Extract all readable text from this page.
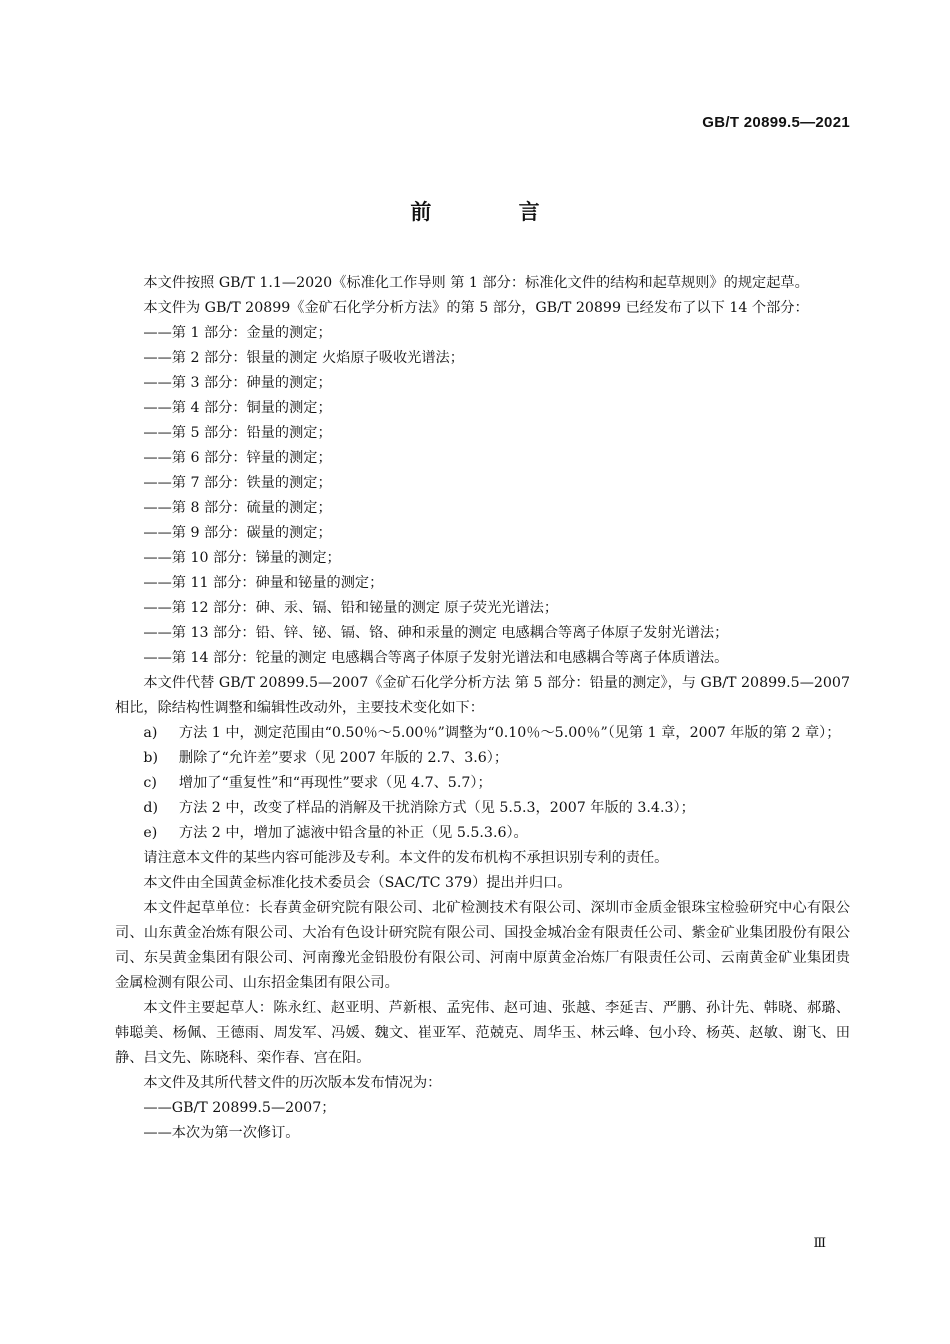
GB/T 20899.5—2021
前 言

本文件按照 GB/T 1.1—2020《标准化工作导则 第 1 部分：标准化文件的结构和起草规则》的规定起草。

本文件为 GB/T 20899《金矿石化学分析方法》的第 5 部分，GB/T 20899 已经发布了以下 14 个部分：

——第 1 部分：金量的测定；

——第 2 部分：银量的测定 火焰原子吸收光谱法；

——第 3 部分：砷量的测定；

——第 4 部分：铜量的测定；

——第 5 部分：铅量的测定；

——第 6 部分：锌量的测定；

——第 7 部分：铁量的测定；

——第 8 部分：硫量的测定；

——第 9 部分：碳量的测定；

——第 10 部分：锑量的测定；

——第 11 部分：砷量和铋量的测定；

——第 12 部分：砷、汞、镉、铅和铋量的测定 原子荧光光谱法；

——第 13 部分：铅、锌、铋、镉、铬、砷和汞量的测定 电感耦合等离子体原子发射光谱法；

——第 14 部分：铊量的测定 电感耦合等离子体原子发射光谱法和电感耦合等离子体质谱法。

本文件代替 GB/T 20899.5—2007《金矿石化学分析方法 第 5 部分：铅量的测定》，与 GB/T 20899.5—2007 相比，除结构性调整和编辑性改动外，主要技术变化如下：

a)	方法 1 中，测定范围由“0.50％～5.00％”调整为“0.10％～5.00％”（见第 1 章，2007 年版的第 2 章）；
b)	删除了“允许差”要求（见 2007 年版的 2.7、3.6）；
c)	增加了“重复性”和“再现性”要求（见 4.7、5.7）；
d)	方法 2 中，改变了样品的消解及干扰消除方式（见 5.5.3，2007 年版的 3.4.3）；
e)	方法 2 中，增加了滤液中铅含量的补正（见 5.5.3.6）。

请注意本文件的某些内容可能涉及专利。本文件的发布机构不承担识别专利的责任。

本文件由全国黄金标准化技术委员会（SAC/TC 379）提出并归口。

本文件起草单位：长春黄金研究院有限公司、北矿检测技术有限公司、深圳市金质金银珠宝检验研究中心有限公司、山东黄金冶炼有限公司、大冶有色设计研究院有限公司、国投金城冶金有限责任公司、紫金矿业集团股份有限公司、东吴黄金集团有限公司、河南豫光金铅股份有限公司、河南中原黄金冶炼厂有限责任公司、云南黄金矿业集团贵金属检测有限公司、山东招金集团有限公司。

本文件主要起草人：陈永红、赵亚明、芦新根、孟宪伟、赵可迪、张越、李延吉、严鹏、孙计先、韩晓、郝璐、韩聪美、杨佩、王德雨、周发军、冯媛、魏文、崔亚军、范兢克、周华玉、林云峰、包小玲、杨英、赵敏、谢飞、田静、吕文先、陈晓科、栾作春、宫在阳。

本文件及其所代替文件的历次版本发布情况为：

——GB/T 20899.5—2007；

——本次为第一次修订。

Ⅲ
